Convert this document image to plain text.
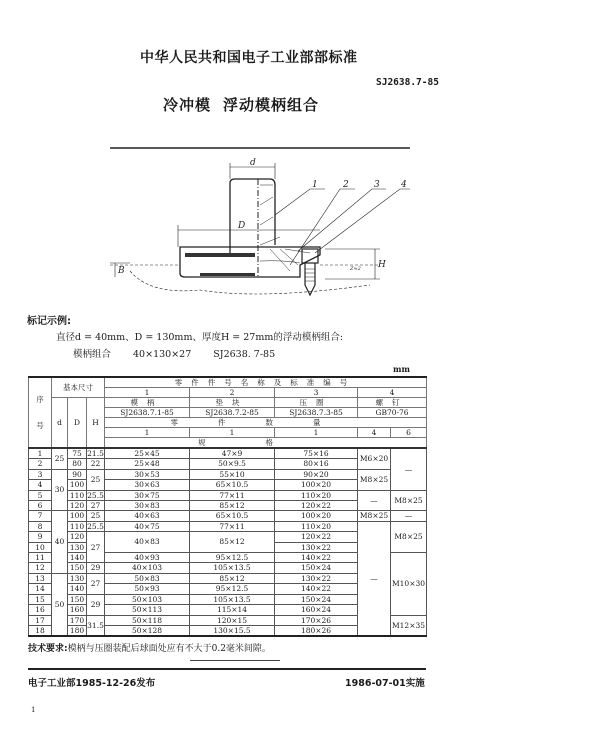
中华人民共和国电子工业部部标准
SJ2638.7-85
冷冲模 浮动模柄组合
d
D
B
H
Z≈2
1	2	3 4
标记示例:
直径d = 40mm、D = 130mm、厚度H = 27mm的浮动模柄组合:
模柄组合 40×130×27 SJ2638. 7-85
mm
序
号	基本尺寸			零件件号名称及标准编号				
				1	2	3	4	
	d	D	H	模柄	垫块	压圈	螺钉	
				SJ2638.7.1-85	SJ2638.7.2-85	SJ2638.7.3-85	GB70-76	
				零件数量				
				1	1	1	4	6
				规格				
1	25	75	21.5	25×45	47×9	75×16	M6×20	—
2		80	22	25×48	50×9.5	80×16		
3	30	90	25	30×53	55×10	90×20	M8×25	
4		100		30×63	65×10.5	100×20		
5		110	25.5	30×75	77×11	110×20	—	M8×25
6		120	27	30×83	85×12	120×22		
7	40	100	25	40×63	65×10.5	100×20	M8×25	—
8		110	25.5	40×75	77×11	110×20	—	M8×25
9		120	27	40×83	85×12	120×22		
10		130				130×22		
11		140		40×93	95×12.5	140×22		M10×30
12		150	29	40×103	105×13.5	150×24		
13	50	130	27	50×83	85×12	130×22		
14		140		50×93	95×12.5	140×22		
15		150	29	50×103	105×13.5	150×24		
16		160		50×113	115×14	160×24		
17		170	31.5	50×118	120×15	170×26		M12×35
18		180		50×128	130×15.5	180×26		
技术要求:模柄与压圈装配后球面处应有不大于0.2毫米间隙。
电子工业部1985-12-26发布	1986-07-01实施
1
